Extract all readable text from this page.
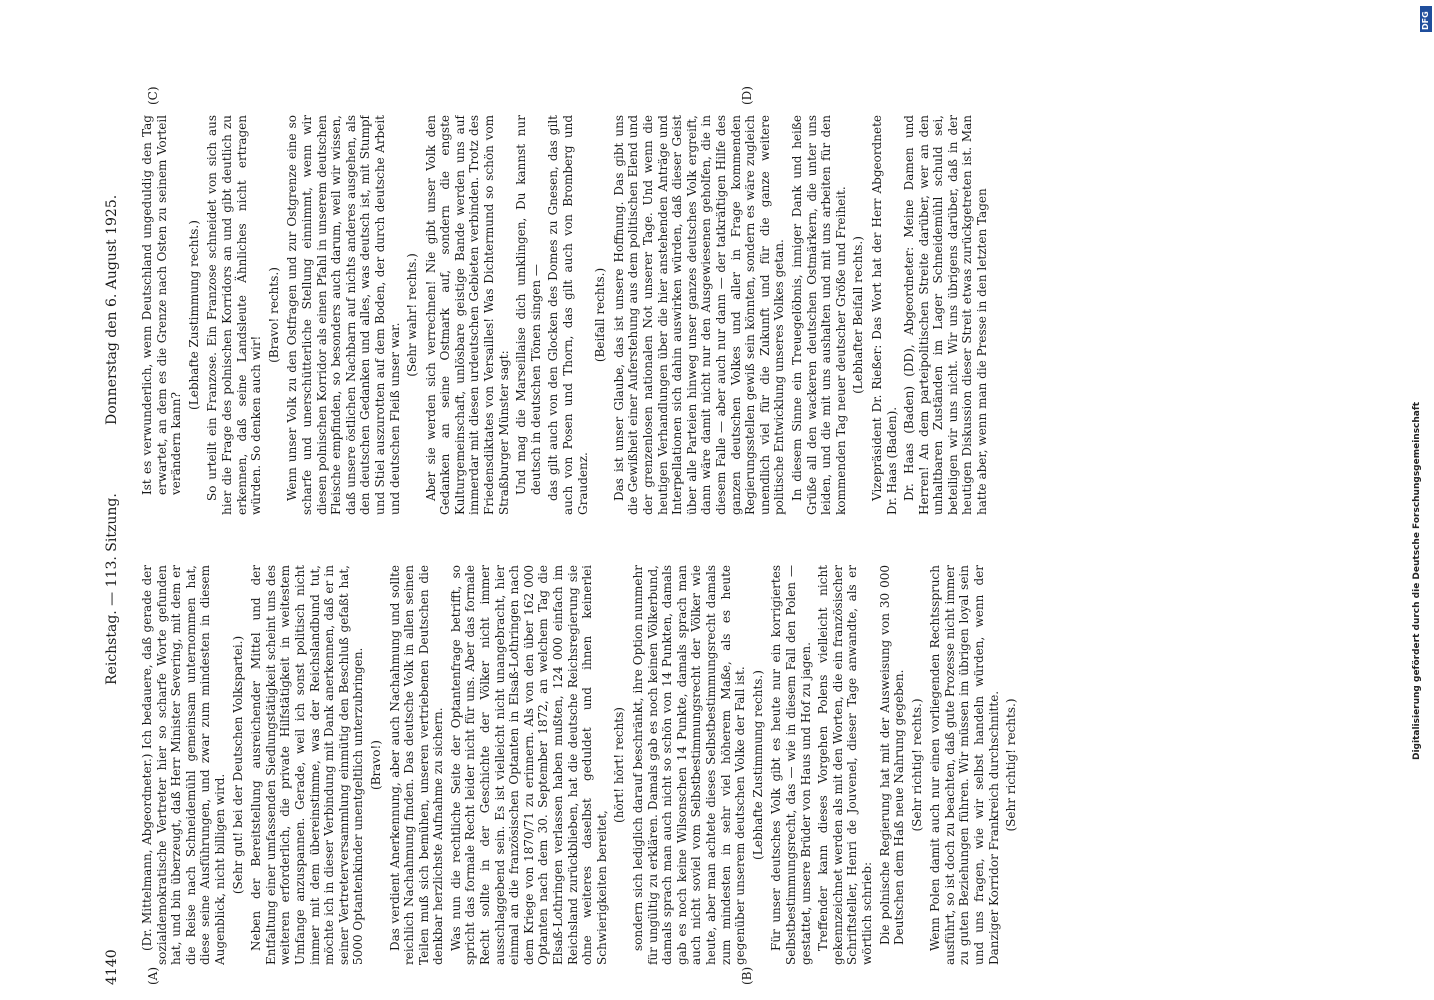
4140
Reichstag. — 113. Sitzung.
Donnerstag den 6. August 1925.
(A)	(B)
(C)	(D)

(Dr. Mittelmann, Abgeordneter.) Ich bedauere, daß gerade der sozialdemokratische Vertreter hier so scharfe Worte gefunden hat, und bin überzeugt, daß Herr Minister Severing, mit dem er die Reise nach Schneidemühl gemeinsam unternommen hat, diese seine Ausführungen, und zwar zum mindesten in diesem Augenblick, nicht billigen wird. (Sehr gut! bei der Deutschen Volkspartei.) Neben der Bereitstellung ausreichender Mittel und der Entfaltung einer umfassenden Siedlungstätigkeit scheint uns des weiteren erforderlich, die private Hilfstätigkeit in weitestem Umfange anzuspannen. Gerade, weil ich sonst politisch nicht immer mit dem übereinstimme, was der Reichslandbund tut, möchte ich in dieser Verbindung mit Dank anerkennen, daß er in seiner Vertreterversammlung einmütig den Beschluß gefaßt hat, 5000 Optantenkinder unentgeltlich unterzubringen. (Bravo!) Das verdient Anerkennung, aber auch Nachahmung und sollte reichlich Nachahmung finden. Das deutsche Volk in allen seinen Teilen muß sich bemühen, unseren vertriebenen Deutschen die denkbar herzlichste Aufnahme zu sichern. Was nun die rechtliche Seite der Optantenfrage betrifft, so spricht das formale Recht leider nicht für uns. Aber das formale Recht sollte in der Geschichte der Völker nicht immer ausschlaggebend sein. Es ist vielleicht nicht unangebracht, hier einmal an die französischen Optanten in Elsaß-Lothringen nach dem Kriege von 1870/71 zu erinnern. Als von den über 162 000 Optanten nach dem 30. September 1872, an welchem Tag die Elsaß-Lothringen verlassen haben mußten, 124 000 einfach im Reichsland zurückblieben, hat die deutsche Reichsregierung sie ohne weiteres daselbst geduldet und ihnen keinerlei Schwierigkeiten bereitet,

(hört! hört! rechts) sondern sich lediglich darauf beschränkt, ihre Option nunmehr für ungültig zu erklären. Damals gab es noch keinen Völkerbund, damals sprach man auch nicht so schön von 14 Punkten, damals gab es noch keine Wilsonschen 14 Punkte, damals sprach man auch nicht soviel vom Selbstbestimmungsrecht der Völker wie heute, aber man achtete dieses Selbstbestimmungsrecht damals zum mindesten in sehr viel höherem Maße, als es heute gegenüber unserem deutschen Volke der Fall ist. (Lebhafte Zustimmung rechts.) Für unser deutsches Volk gibt es heute nur ein korrigiertes Selbstbestimmungsrecht, das — wie in diesem Fall den Polen — gestattet, unsere Brüder von Haus und Hof zu jagen. Treffender kann dieses Vorgehen Polens vielleicht nicht gekennzeichnet werden als mit den Worten, die ein französischer Schriftsteller, Henri de Jouvenel, dieser Tage anwandte, als er wörtlich schrieb: Die polnische Regierung hat mit der Ausweisung von 30 000 Deutschen dem Haß neue Nahrung gegeben. (Sehr richtig! rechts.) Wenn Polen damit auch nur einen vorliegenden Rechtsspruch ausführt, so ist doch zu beachten, daß gute Prozesse nicht immer zu guten Beziehungen führen. Wir müssen im übrigen loyal sein und uns fragen, wie wir selbst handeln würden, wenn der Danziger Korridor Frankreich durchschnitte. (Sehr richtig! rechts.)

Ist es verwunderlich, wenn Deutschland ungeduldig den Tag erwartet, an dem es die Grenze nach Osten zu seinem Vorteil verändern kann?

(Lebhafte Zustimmung rechts.) So urteilt ein Franzose. Ein Franzose schneidet von sich aus hier die Frage des polnischen Korridors an und gibt deutlich zu erkennen, daß seine Landsleute Ähnliches nicht ertragen würden. So denken auch wir!

(Bravo! rechts.) Wenn unser Volk zu den Ostfragen und zur Ostgrenze eine so scharfe und unerschütterliche Stellung einnimmt, wenn wir diesen polnischen Korridor als einen Pfahl in unserem deutschen Fleische empfinden, so besonders auch darum, weil wir wissen, daß unsere östlichen Nachbarn auf nichts anderes ausgehen, als den deutschen Gedanken und alles, was deutsch ist, mit Stumpf und Stiel auszurotten auf dem Boden, der durch deutsche Arbeit und deutschen Fleiß unser war.

(Sehr wahr! rechts.) Aber sie werden sich verrechnen! Nie gibt unser Volk den Gedanken an seine Ostmark auf, sondern die engste Kulturgemeinschaft, unlösbare geistige Bande werden uns auf immerdar mit diesen urdeutschen Gebieten verbinden. Trotz des Friedensdiktates von Versailles! Was Dichtermund so schön vom Straßburger Münster sagt: Und mag die Marseillaise dich umklingen, Du kannst nur deutsch in deutschen Tönen singen — das gilt auch von den Glocken des Domes zu Gnesen, das gilt auch von Posen und Thorn, das gilt auch von Bromberg und Graudenz.

(Beifall rechts.) Das ist unser Glaube, das ist unsere Hoffnung. Das gibt uns die Gewißheit einer Auferstehung aus dem politischen Elend und der grenzenlosen nationalen Not unserer Tage. Und wenn die heutigen Verhandlungen über die hier anstehenden Anträge und Interpellationen sich dahin auswirken würden, daß dieser Geist über alle Parteien hinweg unser ganzes deutsches Volk ergreift, dann wäre damit nicht nur den Ausgewiesenen geholfen, die in diesem Falle — aber auch nur dann — der tatkräftigen Hilfe des ganzen deutschen Volkes und aller in Frage kommenden Regierungsstellen gewiß sein könnten, sondern es wäre zugleich unendlich viel für die Zukunft und für die ganze weitere politische Entwicklung unseres Volkes getan. In diesem Sinne ein Treuegelöbnis, inniger Dank und heiße Grüße all den wackeren deutschen Ostmärkern, die unter uns leiden, und die mit uns aushalten und mit uns arbeiten für den kommenden Tag neuer deutscher Größe und Freiheit. (Lebhafter Beifall rechts.) Vizepräsident Dr. Rießer: Das Wort hat der Herr Abgeordnete Dr. Haas (Baden). Dr. Haas (Baden) (DD), Abgeordneter: Meine Damen und Herren! An dem parteipolitischen Streite darüber, wer an den unhaltbaren Zuständen im Lager Schneidemühl schuld sei, beteiligen wir uns nicht. Wir uns übrigens darüber, daß in der heutigen Diskussion dieser Streit etwas zurückgetreten ist. Man hatte aber, wenn man die Presse in den letzten Tagen

Digitalisierung gefördert durch die Deutsche Forschungsgemeinschaft
DFG
